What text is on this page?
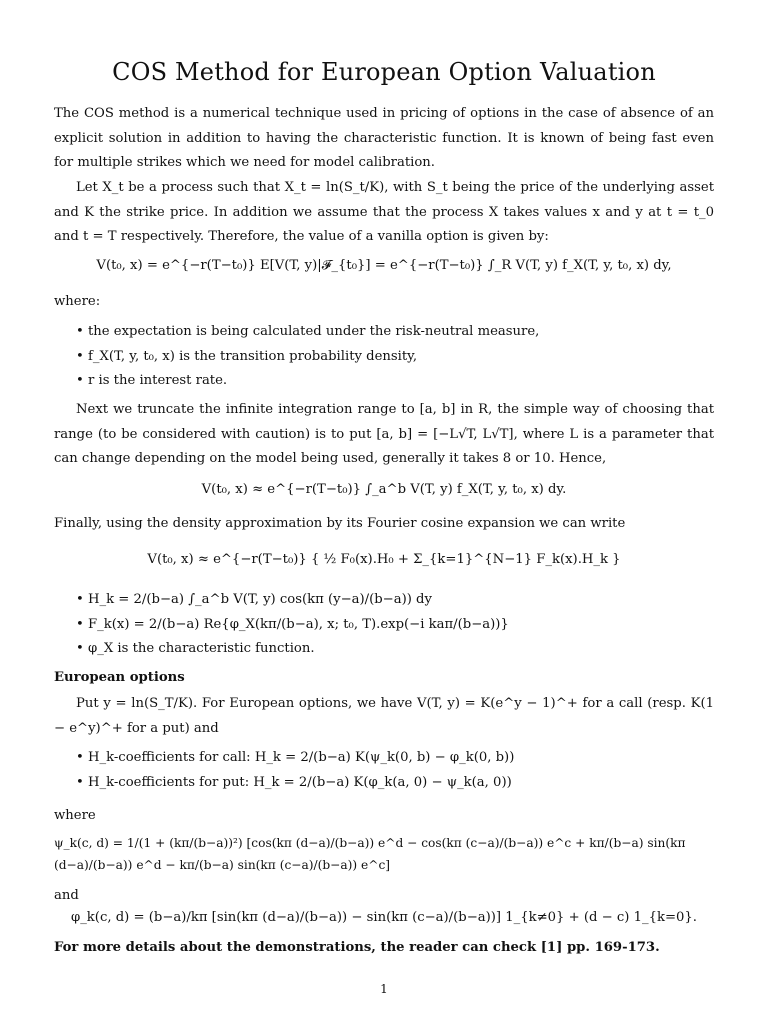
COS Method for European Option Valuation
The COS method is a numerical technique used in pricing of options in the case of absence of an explicit solution in addition to having the characteristic function. It is known of being fast even for multiple strikes which we need for model calibration.
Let X_t be a process such that X_t = ln(S_t/K), with S_t being the price of the underlying asset and K the strike price. In addition we assume that the process X takes values x and y at t = t_0 and t = T respectively. Therefore, the value of a vanilla option is given by:
V(t₀, x) = e^{−r(T−t₀)} E[V(T, y)|𝓕_{t₀}] = e^{−r(T−t₀)} ∫_R V(T, y) f_X(T, y, t₀, x) dy,
where:
• the expectation is being calculated under the risk-neutral measure,
• f_X(T, y, t₀, x) is the transition probability density,
• r is the interest rate.
Next we truncate the infinite integration range to [a, b] in R, the simple way of choosing that range (to be considered with caution) is to put [a, b] = [−L√T, L√T], where L is a parameter that can change depending on the model being used, generally it takes 8 or 10. Hence,
V(t₀, x) ≈ e^{−r(T−t₀)} ∫_a^b V(T, y) f_X(T, y, t₀, x) dy.
Finally, using the density approximation by its Fourier cosine expansion we can write
V(t₀, x) ≈ e^{−r(T−t₀)} { ½ F₀(x).H₀ + Σ_{k=1}^{N−1} F_k(x).H_k }
• H_k = 2/(b−a) ∫_a^b V(T, y) cos(kπ (y−a)/(b−a)) dy
• F_k(x) = 2/(b−a) Re{φ_X(kπ/(b−a), x; t₀, T).exp(−i kaπ/(b−a))}
• φ_X is the characteristic function.
European options
Put y = ln(S_T/K). For European options, we have V(T, y) = K(e^y − 1)^+ for a call (resp. K(1 − e^y)^+ for a put) and
• H_k-coefficients for call: H_k = 2/(b−a) K(ψ_k(0, b) − φ_k(0, b))
• H_k-coefficients for put: H_k = 2/(b−a) K(φ_k(a, 0) − ψ_k(a, 0))
where
ψ_k(c, d) = 1/(1 + (kπ/(b−a))²) [cos(kπ (d−a)/(b−a)) e^d − cos(kπ (c−a)/(b−a)) e^c + kπ/(b−a) sin(kπ (d−a)/(b−a)) e^d − kπ/(b−a) sin(kπ (c−a)/(b−a)) e^c]
and
φ_k(c, d) = (b−a)/kπ [sin(kπ (d−a)/(b−a)) − sin(kπ (c−a)/(b−a))] 1_{k≠0} + (d − c) 1_{k=0}.
For more details about the demonstrations, the reader can check [1] pp. 169-173.
1
